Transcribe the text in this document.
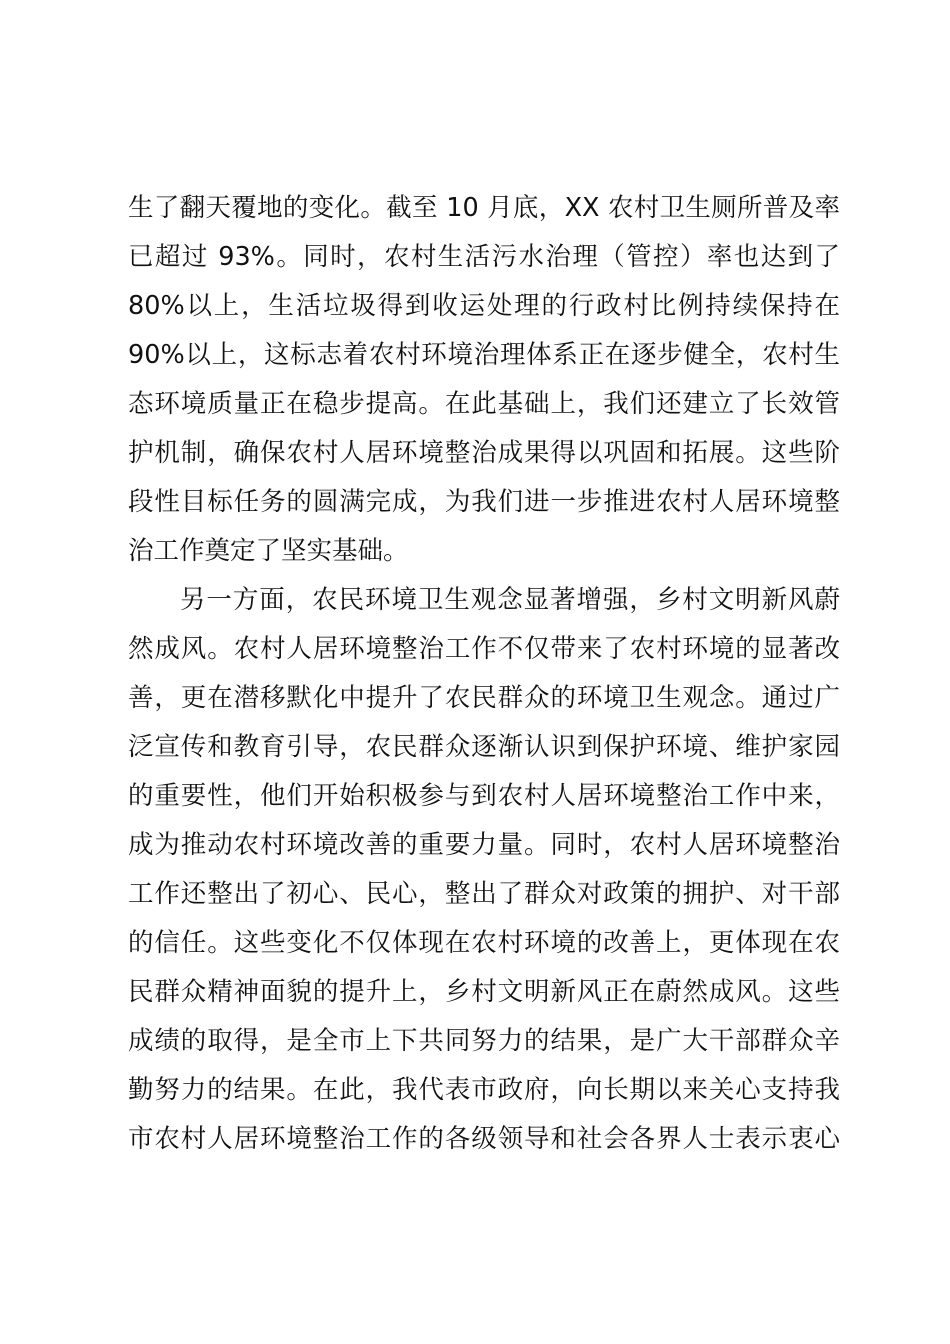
生了翻天覆地的变化。截至 10 月底，XX 农村卫生厕所普及率
已超过 93%。同时，农村生活污水治理（管控）率也达到了
80%以上，生活垃圾得到收运处理的行政村比例持续保持在
90%以上，这标志着农村环境治理体系正在逐步健全，农村生
态环境质量正在稳步提高。在此基础上，我们还建立了长效管
护机制，确保农村人居环境整治成果得以巩固和拓展。这些阶
段性目标任务的圆满完成，为我们进一步推进农村人居环境整
治工作奠定了坚实基础。
另一方面，农民环境卫生观念显著增强，乡村文明新风蔚
然成风。农村人居环境整治工作不仅带来了农村环境的显著改
善，更在潜移默化中提升了农民群众的环境卫生观念。通过广
泛宣传和教育引导，农民群众逐渐认识到保护环境、维护家园
的重要性，他们开始积极参与到农村人居环境整治工作中来，
成为推动农村环境改善的重要力量。同时，农村人居环境整治
工作还整出了初心、民心，整出了群众对政策的拥护、对干部
的信任。这些变化不仅体现在农村环境的改善上，更体现在农
民群众精神面貌的提升上，乡村文明新风正在蔚然成风。这些
成绩的取得，是全市上下共同努力的结果，是广大干部群众辛
勤努力的结果。在此，我代表市政府，向长期以来关心支持我
市农村人居环境整治工作的各级领导和社会各界人士表示衷心
